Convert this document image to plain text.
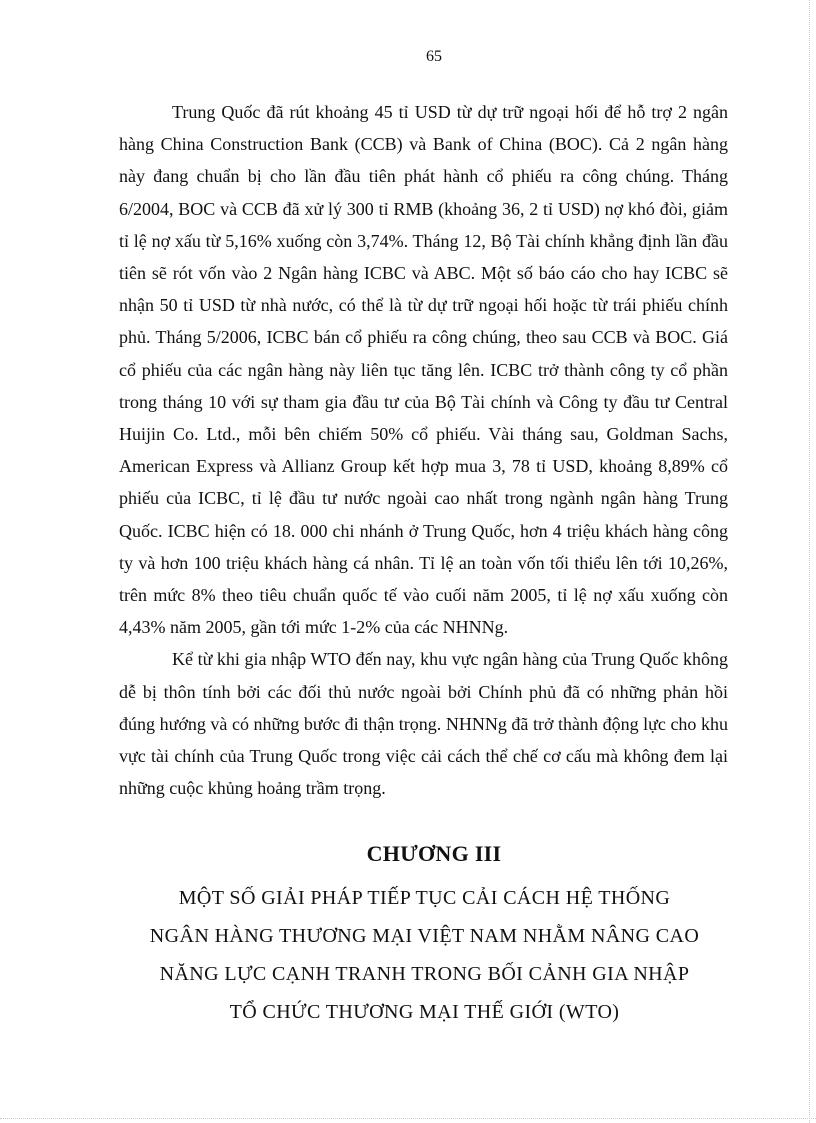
65

Trung Quốc đã rút khoảng 45 tỉ USD từ dự trữ ngoại hối để hỗ trợ 2 ngân hàng China Construction Bank (CCB) và Bank of China (BOC). Cả 2 ngân hàng này đang chuẩn bị cho lần đầu tiên phát hành cổ phiếu ra công chúng. Tháng 6/2004, BOC và CCB đã xử lý 300 tỉ RMB (khoảng 36, 2 tỉ USD) nợ khó đòi, giảm tỉ lệ nợ xấu từ 5,16% xuống còn 3,74%. Tháng 12, Bộ Tài chính khẳng định lần đầu tiên sẽ rót vốn vào 2 Ngân hàng ICBC và ABC. Một số báo cáo cho hay ICBC sẽ nhận 50 tỉ USD từ nhà nước, có thể là từ dự trữ ngoại hối hoặc từ trái phiếu chính phủ. Tháng 5/2006, ICBC bán cổ phiếu ra công chúng, theo sau CCB và BOC. Giá cổ phiếu của các ngân hàng này liên tục tăng lên. ICBC trở thành công ty cổ phần trong tháng 10 với sự tham gia đầu tư của Bộ Tài chính và Công ty đầu tư Central Huijin Co. Ltd., mỗi bên chiếm 50% cổ phiếu. Vài tháng sau, Goldman Sachs, American Express và Allianz Group kết hợp mua 3, 78 tỉ USD, khoảng 8,89% cổ phiếu của ICBC, tỉ lệ đầu tư nước ngoài cao nhất trong ngành ngân hàng Trung Quốc. ICBC hiện có 18. 000 chi nhánh ở Trung Quốc, hơn 4 triệu khách hàng công ty và hơn 100 triệu khách hàng cá nhân. Tỉ lệ an toàn vốn tối thiểu lên tới 10,26%, trên mức 8% theo tiêu chuẩn quốc tế vào cuối năm 2005, tỉ lệ nợ xấu xuống còn 4,43% năm 2005, gần tới mức 1-2% của các NHNNg.

Kể từ khi gia nhập WTO đến nay, khu vực ngân hàng của Trung Quốc không dễ bị thôn tính bởi các đối thủ nước ngoài bởi Chính phủ đã có những phản hồi đúng hướng và có những bước đi thận trọng. NHNNg đã trở thành động lực cho khu vực tài chính của Trung Quốc trong việc cải cách thể chế cơ cấu mà không đem lại những cuộc khủng hoảng trầm trọng.

CHƯƠNG III
MỘT SỐ GIẢI PHÁP TIẾP TỤC CẢI CÁCH HỆ THỐNG
NGÂN HÀNG THƯƠNG MẠI VIỆT NAM NHẰM NÂNG CAO
NĂNG LỰC CẠNH TRANH TRONG BỐI CẢNH GIA NHẬP
TỔ CHỨC THƯƠNG MẠI THẾ GIỚI (WTO)
